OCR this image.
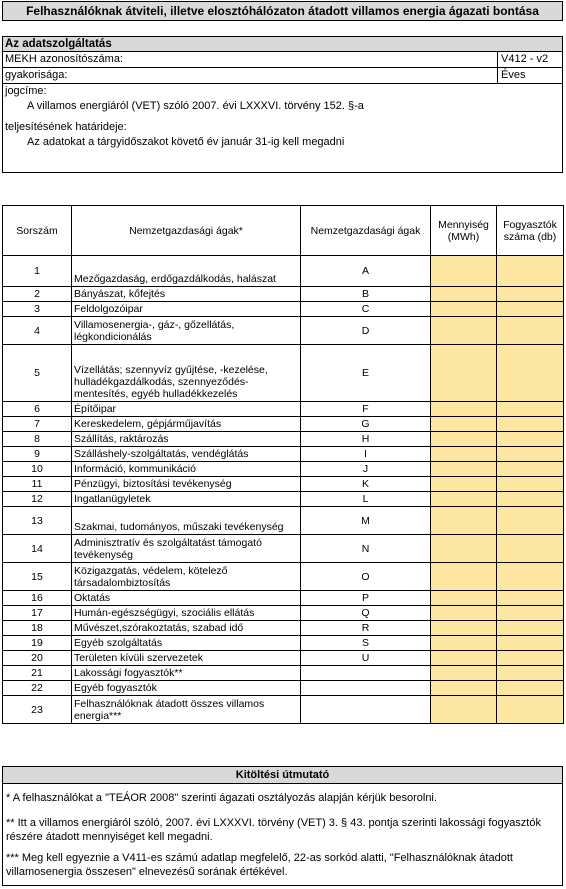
Felhasználóknak átviteli, illetve elosztóhálózaton átadott villamos energia ágazati bontása
Az adatszolgáltatás
MEKH azonosítószáma:	V412 - v2
gyakorisága:	Éves
jogcíme:
A villamos energiáról (VET) szóló 2007. évi LXXXVI. törvény 152. §-a
teljesítésének határideje:
Az adatokat a tárgyidőszakot követő év január 31-ig kell megadni
Sorszám	Nemzetgazdasági ágak*	Nemzetgazdasági ágak	Mennyiség (MWh)	Fogyasztók száma (db)
1	Mezőgazdaság, erdőgazdálkodás, halászat	A		
2	Bányászat, kőfejtés	B		
3	Feldolgozóipar	C		
4	Villamosenergia-, gáz-, gőzellátás, légkondicionálás	D		
5	Vízellátás; szennyvíz gyűjtése, -kezelése, hulladékgazdálkodás, szennyeződés-mentesítés, egyéb hulladékkezelés	E		
6	Építőipar	F		
7	Kereskedelem, gépjárműjavítás	G		
8	Szállítás, raktározás	H		
9	Szálláshely-szolgáltatás, vendéglátás	I		
10	Információ, kommunikáció	J		
11	Pénzügyi, biztosítási tevékenység	K		
12	Ingatlanügyletek	L		
13	Szakmai, tudományos, műszaki tevékenység	M		
14	Adminisztratív és szolgáltatást támogató tevékenység	N		
15	Közigazgatás, védelem, kötelező társadalombiztosítás	O		
16	Oktatás	P		
17	Humán-egészségügyi, szociális ellátás	Q		
18	Művészet,szórakoztatás, szabad idő	R		
19	Egyéb szolgáltatás	S		
20	Területen kívüli szervezetek	U		
21	Lakossági fogyasztók**			
22	Egyéb fogyasztók			
23	Felhasználóknak átadott összes villamos energia***			
Kitöltési útmutató

* A felhasználókat a "TEÁOR 2008" szerinti ágazati osztályozás alapján kérjük besorolni.

** Itt a villamos energiáról szóló, 2007. évi LXXXVI. törvény (VET) 3. § 43. pontja szerinti lakossági fogyasztók részére átadott mennyiséget kell megadni.

*** Meg kell egyeznie a V411-es számú adatlap megfelelő, 22-as sorkód alatti, "Felhasználóknak átadott villamosenergia összesen" elnevezésű sorának értékével.
